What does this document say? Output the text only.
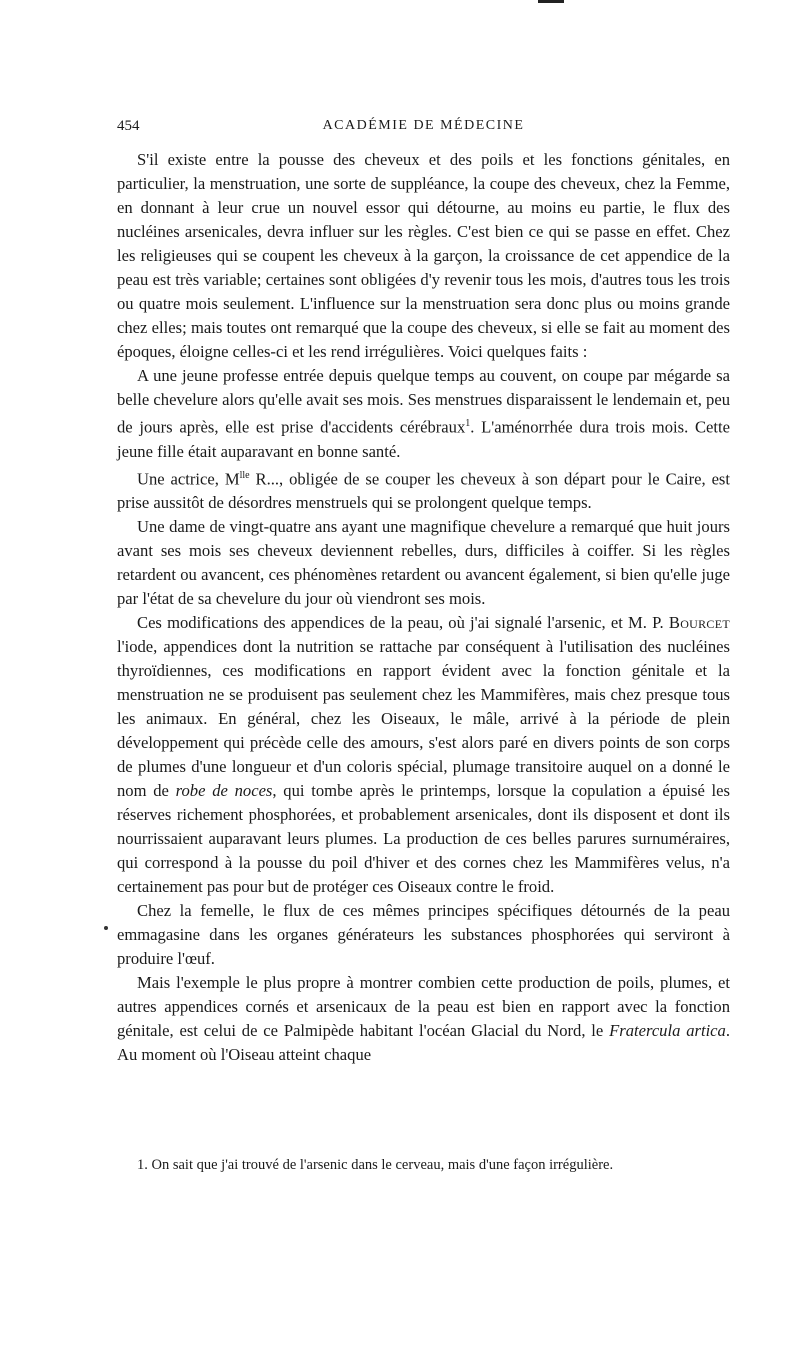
454	ACADÉMIE DE MÉDECINE

S'il existe entre la pousse des cheveux et des poils et les fonctions génitales, en particulier, la menstruation, une sorte de suppléance, la coupe des cheveux, chez la Femme, en donnant à leur crue un nouvel essor qui détourne, au moins eu partie, le flux des nucléines arsenicales, devra influer sur les règles. C'est bien ce qui se passe en effet. Chez les religieuses qui se coupent les cheveux à la garçon, la croissance de cet appendice de la peau est très variable; certaines sont obligées d'y revenir tous les mois, d'autres tous les trois ou quatre mois seulement. L'influence sur la menstruation sera donc plus ou moins grande chez elles; mais toutes ont remarqué que la coupe des cheveux, si elle se fait au moment des époques, éloigne celles-ci et les rend irrégulières. Voici quelques faits :

A une jeune professe entrée depuis quelque temps au couvent, on coupe par mégarde sa belle chevelure alors qu'elle avait ses mois. Ses menstrues disparaissent le lendemain et, peu de jours après, elle est prise d'accidents cérébraux$^1$. L'aménorrhée dura trois mois. Cette jeune fille était auparavant en bonne santé.

Une actrice, $M^{lle}$ R..., obligée de se couper les cheveux à son départ pour le Caire, est prise aussitôt de désordres menstruels qui se prolongent quelque temps.

Une dame de vingt-quatre ans ayant une magnifique chevelure a remarqué que huit jours avant ses mois ses cheveux deviennent rebelles, durs, difficiles à coiffer. Si les règles retardent ou avancent, ces phénomènes retardent ou avancent également, si bien qu'elle juge par l'état de sa chevelure du jour où viendront ses mois.

Ces modifications des appendices de la peau, où j'ai signalé l'arsenic, et M. P. Bourcet l'iode, appendices dont la nutrition se rattache par conséquent à l'utilisation des nucléines thyroïdiennes, ces modifications en rapport évident avec la fonction génitale et la menstruation ne se produisent pas seulement chez les Mammifères, mais chez presque tous les animaux. En général, chez les Oiseaux, le mâle, arrivé à la période de plein développement qui précède celle des amours, s'est alors paré en divers points de son corps de plumes d'une longueur et d'un coloris spécial, plumage transitoire auquel on a donné le nom de robe de noces, qui tombe après le printemps, lorsque la copulation a épuisé les réserves richement phosphorées, et probablement arsenicales, dont ils disposent et dont ils nourrissaient auparavant leurs plumes. La production de ces belles parures surnuméraires, qui correspond à la pousse du poil d'hiver et des cornes chez les Mammifères velus, n'a certainement pas pour but de protéger ces Oiseaux contre le froid.

Chez la femelle, le flux de ces mêmes principes spécifiques détournés de la peau emmagasine dans les organes générateurs les substances phosphorées qui serviront à produire l'œuf.

Mais l'exemple le plus propre à montrer combien cette production de poils, plumes, et autres appendices cornés et arsenicaux de la peau est bien en rapport avec la fonction génitale, est celui de ce Palmipède habitant l'océan Glacial du Nord, le Fratercula artica. Au moment où l'Oiseau atteint chaque

1. On sait que j'ai trouvé de l'arsenic dans le cerveau, mais d'une façon irrégulière.
